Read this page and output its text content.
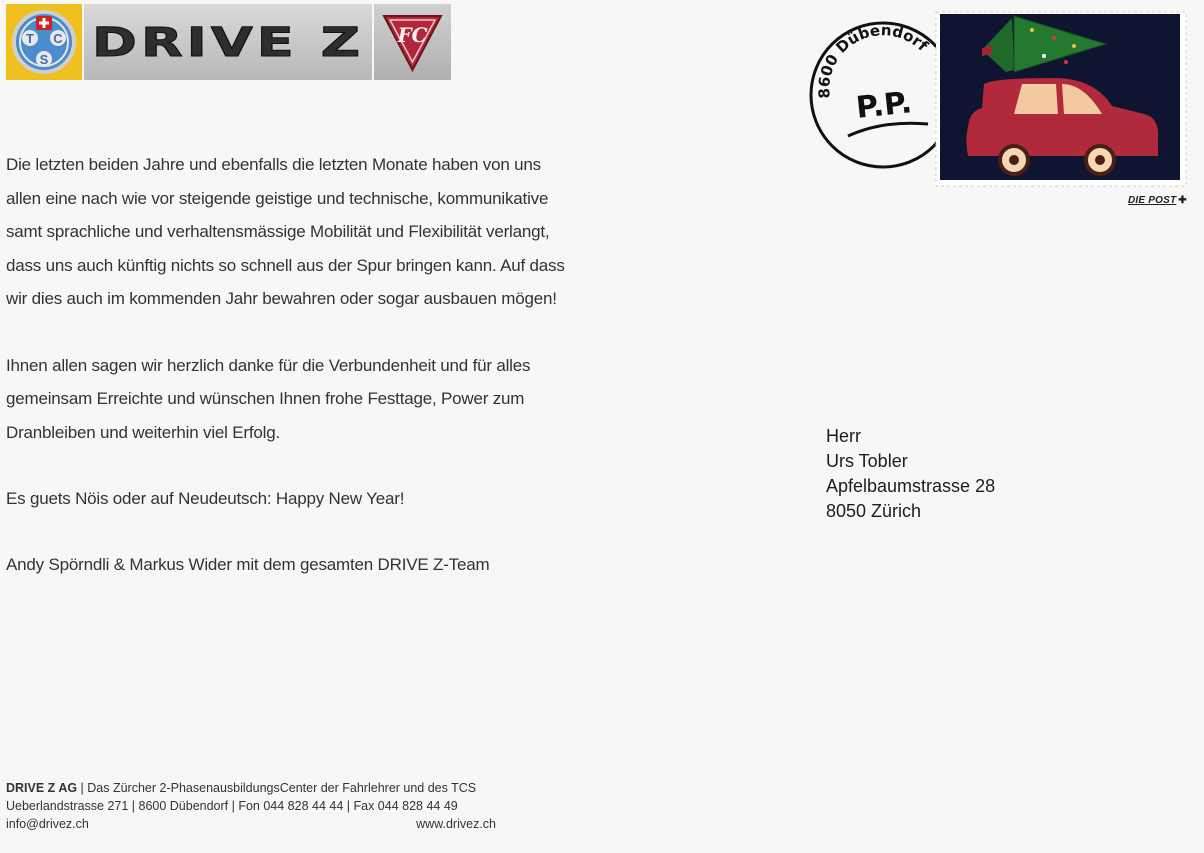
T C
S DRIVE Z FC

Die letzten beiden Jahre und ebenfalls die letzten Monate haben von uns
allen eine nach wie vor steigende geistige und technische, kommunikative
samt sprachliche und verhaltensmässige Mobilität und Flexibilität verlangt,
dass uns auch künftig nichts so schnell aus der Spur bringen kann. Auf dass
wir dies auch im kommenden Jahr bewahren oder sogar ausbauen mögen!

Ihnen allen sagen wir herzlich danke für die Verbundenheit und für alles
gemeinsam Erreichte und wünschen Ihnen frohe Festtage, Power zum
Dranbleiben und weiterhin viel Erfolg.

Es guets Nöis oder auf Neudeutsch: Happy New Year!

Andy Spörndli & Markus Wider mit dem gesamten DRIVE Z-Team

8600 Dübendorf
P.P.
DIE POST ✚
Herr
Urs Tobler
Apfelbaumstrasse 28
8050 Zürich
DRIVE Z AG | Das Zürcher 2-PhasenausbildungsCenter der Fahrlehrer und des TCS
Ueberlandstrasse 271 | 8600 Dübendorf | Fon 044 828 44 44 | Fax 044 828 44 49
info@drivez.ch	www.drivez.ch
